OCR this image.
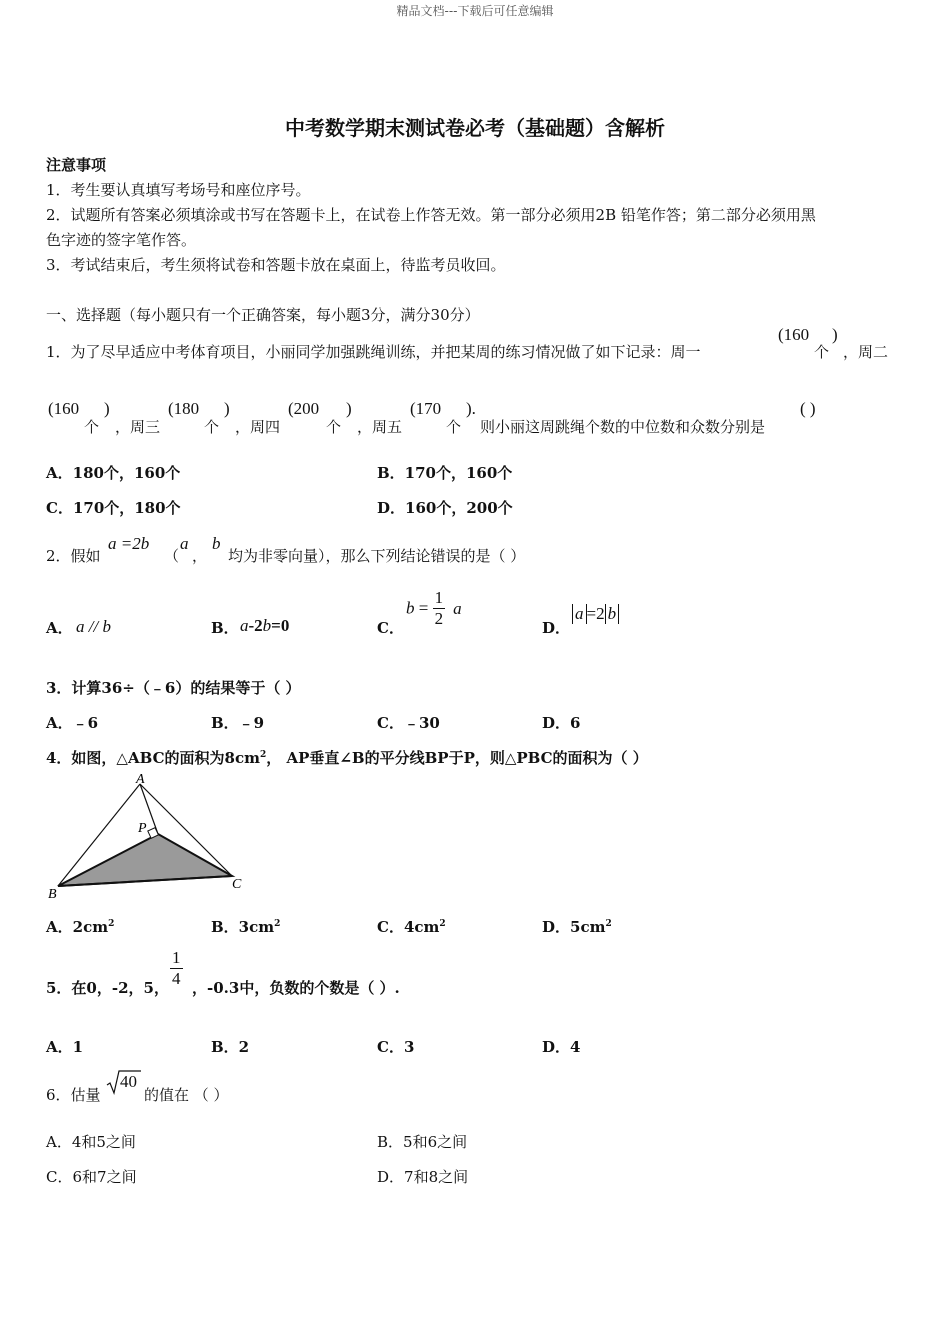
精品文档---下载后可任意编辑
中考数学期末测试卷必考（基础题）含解析
注意事项
1．考生要认真填写考场号和座位序号。
2．试题所有答案必须填涂或书写在答题卡上，在试卷上作答无效。第一部分必须用2B 铅笔作答；第二部分必须用黑
色字迹的签字笔作答。
3．考试结束后，考生须将试卷和答题卡放在桌面上，待监考员收回。
一、选择题（每小题只有一个正确答案，每小题3分，满分30分）
1．为了尽早适应中考体育项目，小丽同学加强跳绳训练，并把某周的练习情况做了如下记录：周一
(160
个
)
，周二
(160
个
)
，周三
(180
个
)
，周四
(200
个
)
，周五
(170
个
).
则小丽这周跳绳个数的中位数和众数分别是
( )
A．180个，160个	B．170个，160个
C．170个，180个	D．160个，200个
2．假如
a =2b
（
a
，
b
均为非零向量），那么下列结论错误的是（ ）
A． a // b	B． a-2b=0	C．
$b = \frac{1}{2}$ a
D．
a =2 b
3．计算36÷（﹣6）的结果等于（ ）
A．﹣6	B．﹣9	C．﹣30	D．6
4．如图，△ABC的面积为$8cm^2$， AP垂直∠B的平分线BP于P，则△PBC的面积为（ ）
A
B
C
P
A．$2cm^2$	B．$3cm^2$	C．$4cm^2$	D．$5cm^2$
5．在0，-2，5， $\frac{1}{4}$ ，-0.3中，负数的个数是（ ）.
A．1	B．2	C．3	D．4
6．估量
40
的值在 （ ）
A．4和5之间	B．5和6之间
C．6和7之间	D．7和8之间
